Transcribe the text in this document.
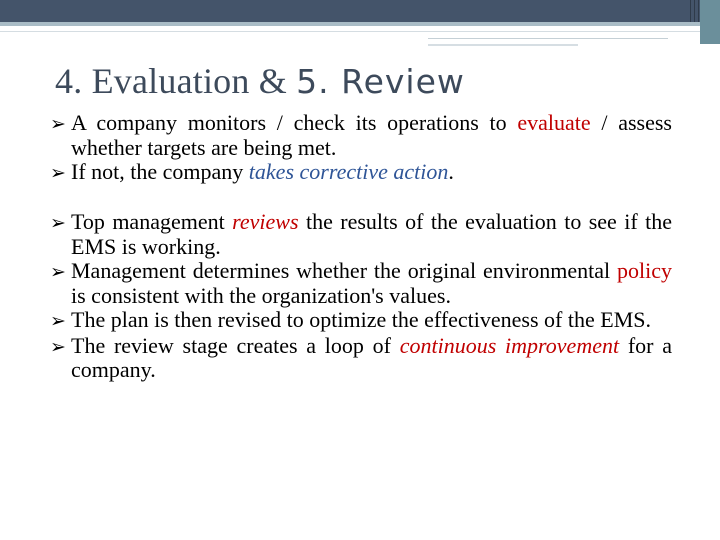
4. Evaluation & 5. Review
➢ A company monitors / check its operations to evaluate / assess whether targets are being met.
➢ If not, the company takes corrective action.
➢ Top management reviews the results of the evaluation to see if the EMS is working.
➢ Management determines whether the original environmental policy is consistent with the organization's values.
➢ The plan is then revised to optimize the effectiveness of the EMS.
➢ The review stage creates a loop of continuous improvement for a company.
